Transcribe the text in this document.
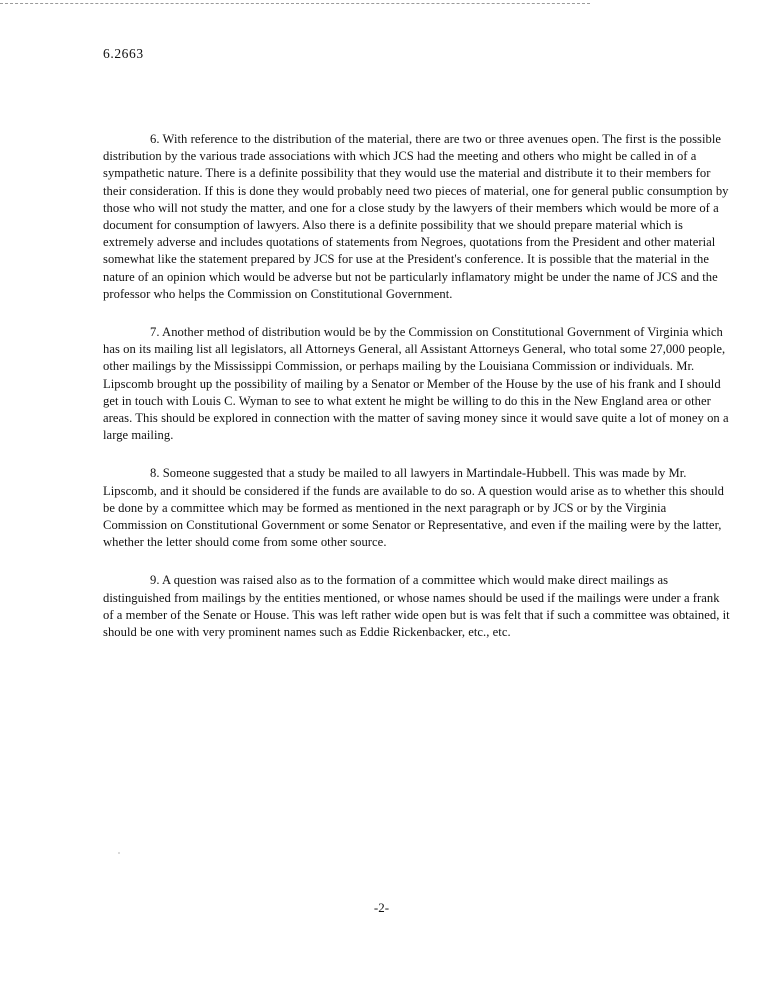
6.2663

6. With reference to the distribution of the material, there are two or three avenues open. The first is the possible distribution by the various trade associations with which JCS had the meeting and others who might be called in of a sympathetic nature. There is a definite possibility that they would use the material and distribute it to their members for their consideration. If this is done they would probably need two pieces of material, one for general public consumption by those who will not study the matter, and one for a close study by the lawyers of their members which would be more of a document for consumption of lawyers. Also there is a definite possibility that we should prepare material which is extremely adverse and includes quotations of statements from Negroes, quotations from the President and other material somewhat like the statement prepared by JCS for use at the President's conference. It is possible that the material in the nature of an opinion which would be adverse but not be particularly inflamatory might be under the name of JCS and the professor who helps the Commission on Constitutional Government.

7. Another method of distribution would be by the Commission on Constitutional Government of Virginia which has on its mailing list all legislators, all Attorneys General, all Assistant Attorneys General, who total some 27,000 people, other mailings by the Mississippi Commission, or perhaps mailing by the Louisiana Commission or individuals. Mr. Lipscomb brought up the possibility of mailing by a Senator or Member of the House by the use of his frank and I should get in touch with Louis C. Wyman to see to what extent he might be willing to do this in the New England area or other areas. This should be explored in connection with the matter of saving money since it would save quite a lot of money on a large mailing.

8. Someone suggested that a study be mailed to all lawyers in Martindale-Hubbell. This was made by Mr. Lipscomb, and it should be considered if the funds are available to do so. A question would arise as to whether this should be done by a committee which may be formed as mentioned in the next paragraph or by JCS or by the Virginia Commission on Constitutional Government or some Senator or Representative, and even if the mailing were by the latter, whether the letter should come from some other source.

9. A question was raised also as to the formation of a committee which would make direct mailings as distinguished from mailings by the entities mentioned, or whose names should be used if the mailings were under a frank of a member of the Senate or House. This was left rather wide open but is was felt that if such a committee was obtained, it should be one with very prominent names such as Eddie Rickenbacker, etc., etc.

-2-
